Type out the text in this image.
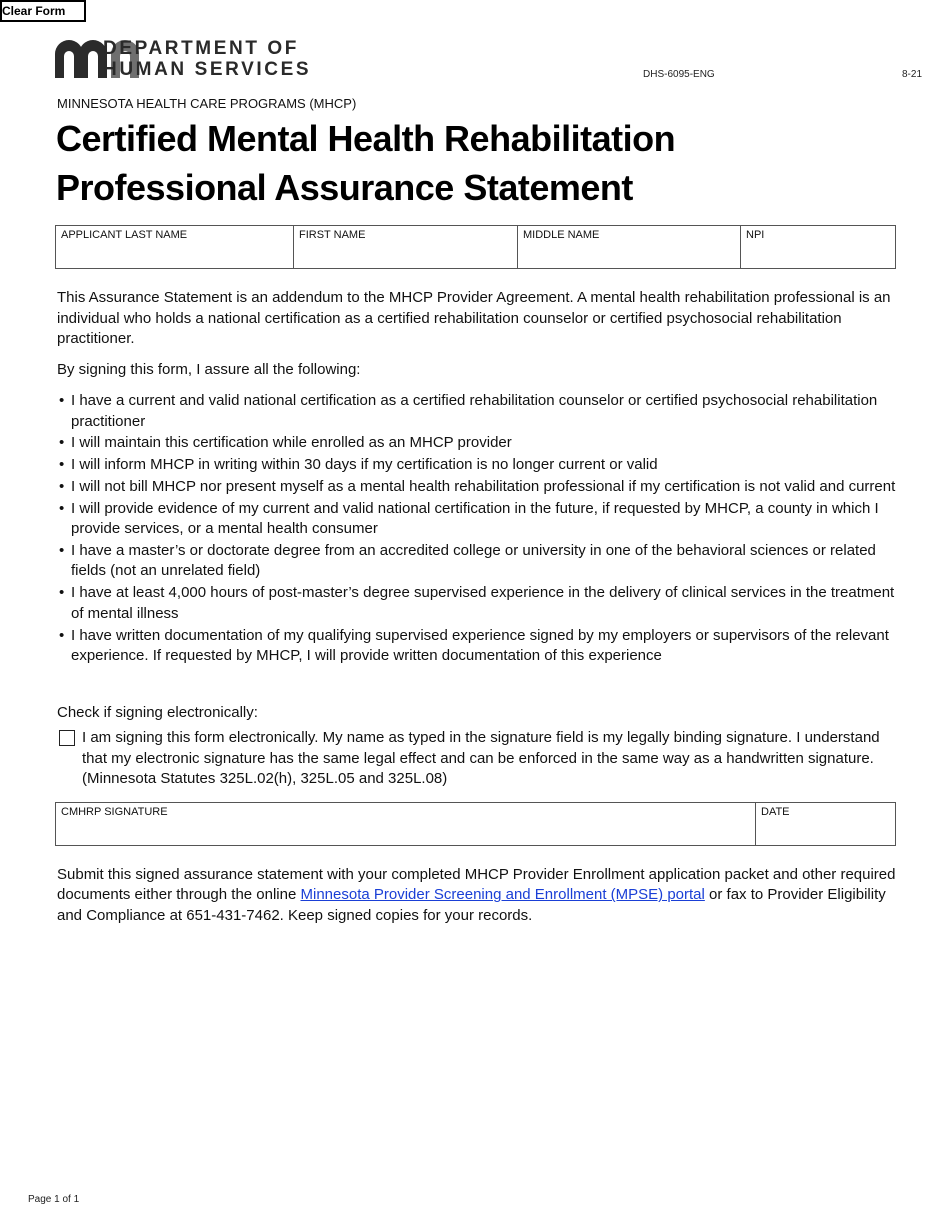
Clear Form
DEPARTMENT OF
HUMAN SERVICES	DHS-6095-ENG	8-21
MINNESOTA HEALTH CARE PROGRAMS (MHCP)
Certified Mental Health Rehabilitation
Professional Assurance Statement
APPLICANT LAST NAME	FIRST NAME	MIDDLE NAME	NPI
This Assurance Statement is an addendum to the MHCP Provider Agreement. A mental health rehabilitation professional is an individual who holds a national certification as a certified rehabilitation counselor or certified psychosocial rehabilitation practitioner.
By signing this form, I assure all the following:
• I have a current and valid national certification as a certified rehabilitation counselor or certified psychosocial rehabilitation practitioner
• I will maintain this certification while enrolled as an MHCP provider
• I will inform MHCP in writing within 30 days if my certification is no longer current or valid
• I will not bill MHCP nor present myself as a mental health rehabilitation professional if my certification is not valid and current
• I will provide evidence of my current and valid national certification in the future, if requested by MHCP, a county in which I provide services, or a mental health consumer
• I have a master’s or doctorate degree from an accredited college or university in one of the behavioral sciences or related fields (not an unrelated field)
• I have at least 4,000 hours of post-master’s degree supervised experience in the delivery of clinical services in the treatment of mental illness
• I have written documentation of my qualifying supervised experience signed by my employers or supervisors of the relevant experience. If requested by MHCP, I will provide written documentation of this experience
Check if signing electronically:
I am signing this form electronically. My name as typed in the signature field is my legally binding signature. I understand that my electronic signature has the same legal effect and can be enforced in the same way as a handwritten signature. (Minnesota Statutes 325L.02(h), 325L.05 and 325L.08)
CMHRP SIGNATURE	DATE
Submit this signed assurance statement with your completed MHCP Provider Enrollment application packet and other required documents either through the online Minnesota Provider Screening and Enrollment (MPSE) portal or fax to Provider Eligibility and Compliance at 651-431-7462. Keep signed copies for your records.
Page 1 of 1
